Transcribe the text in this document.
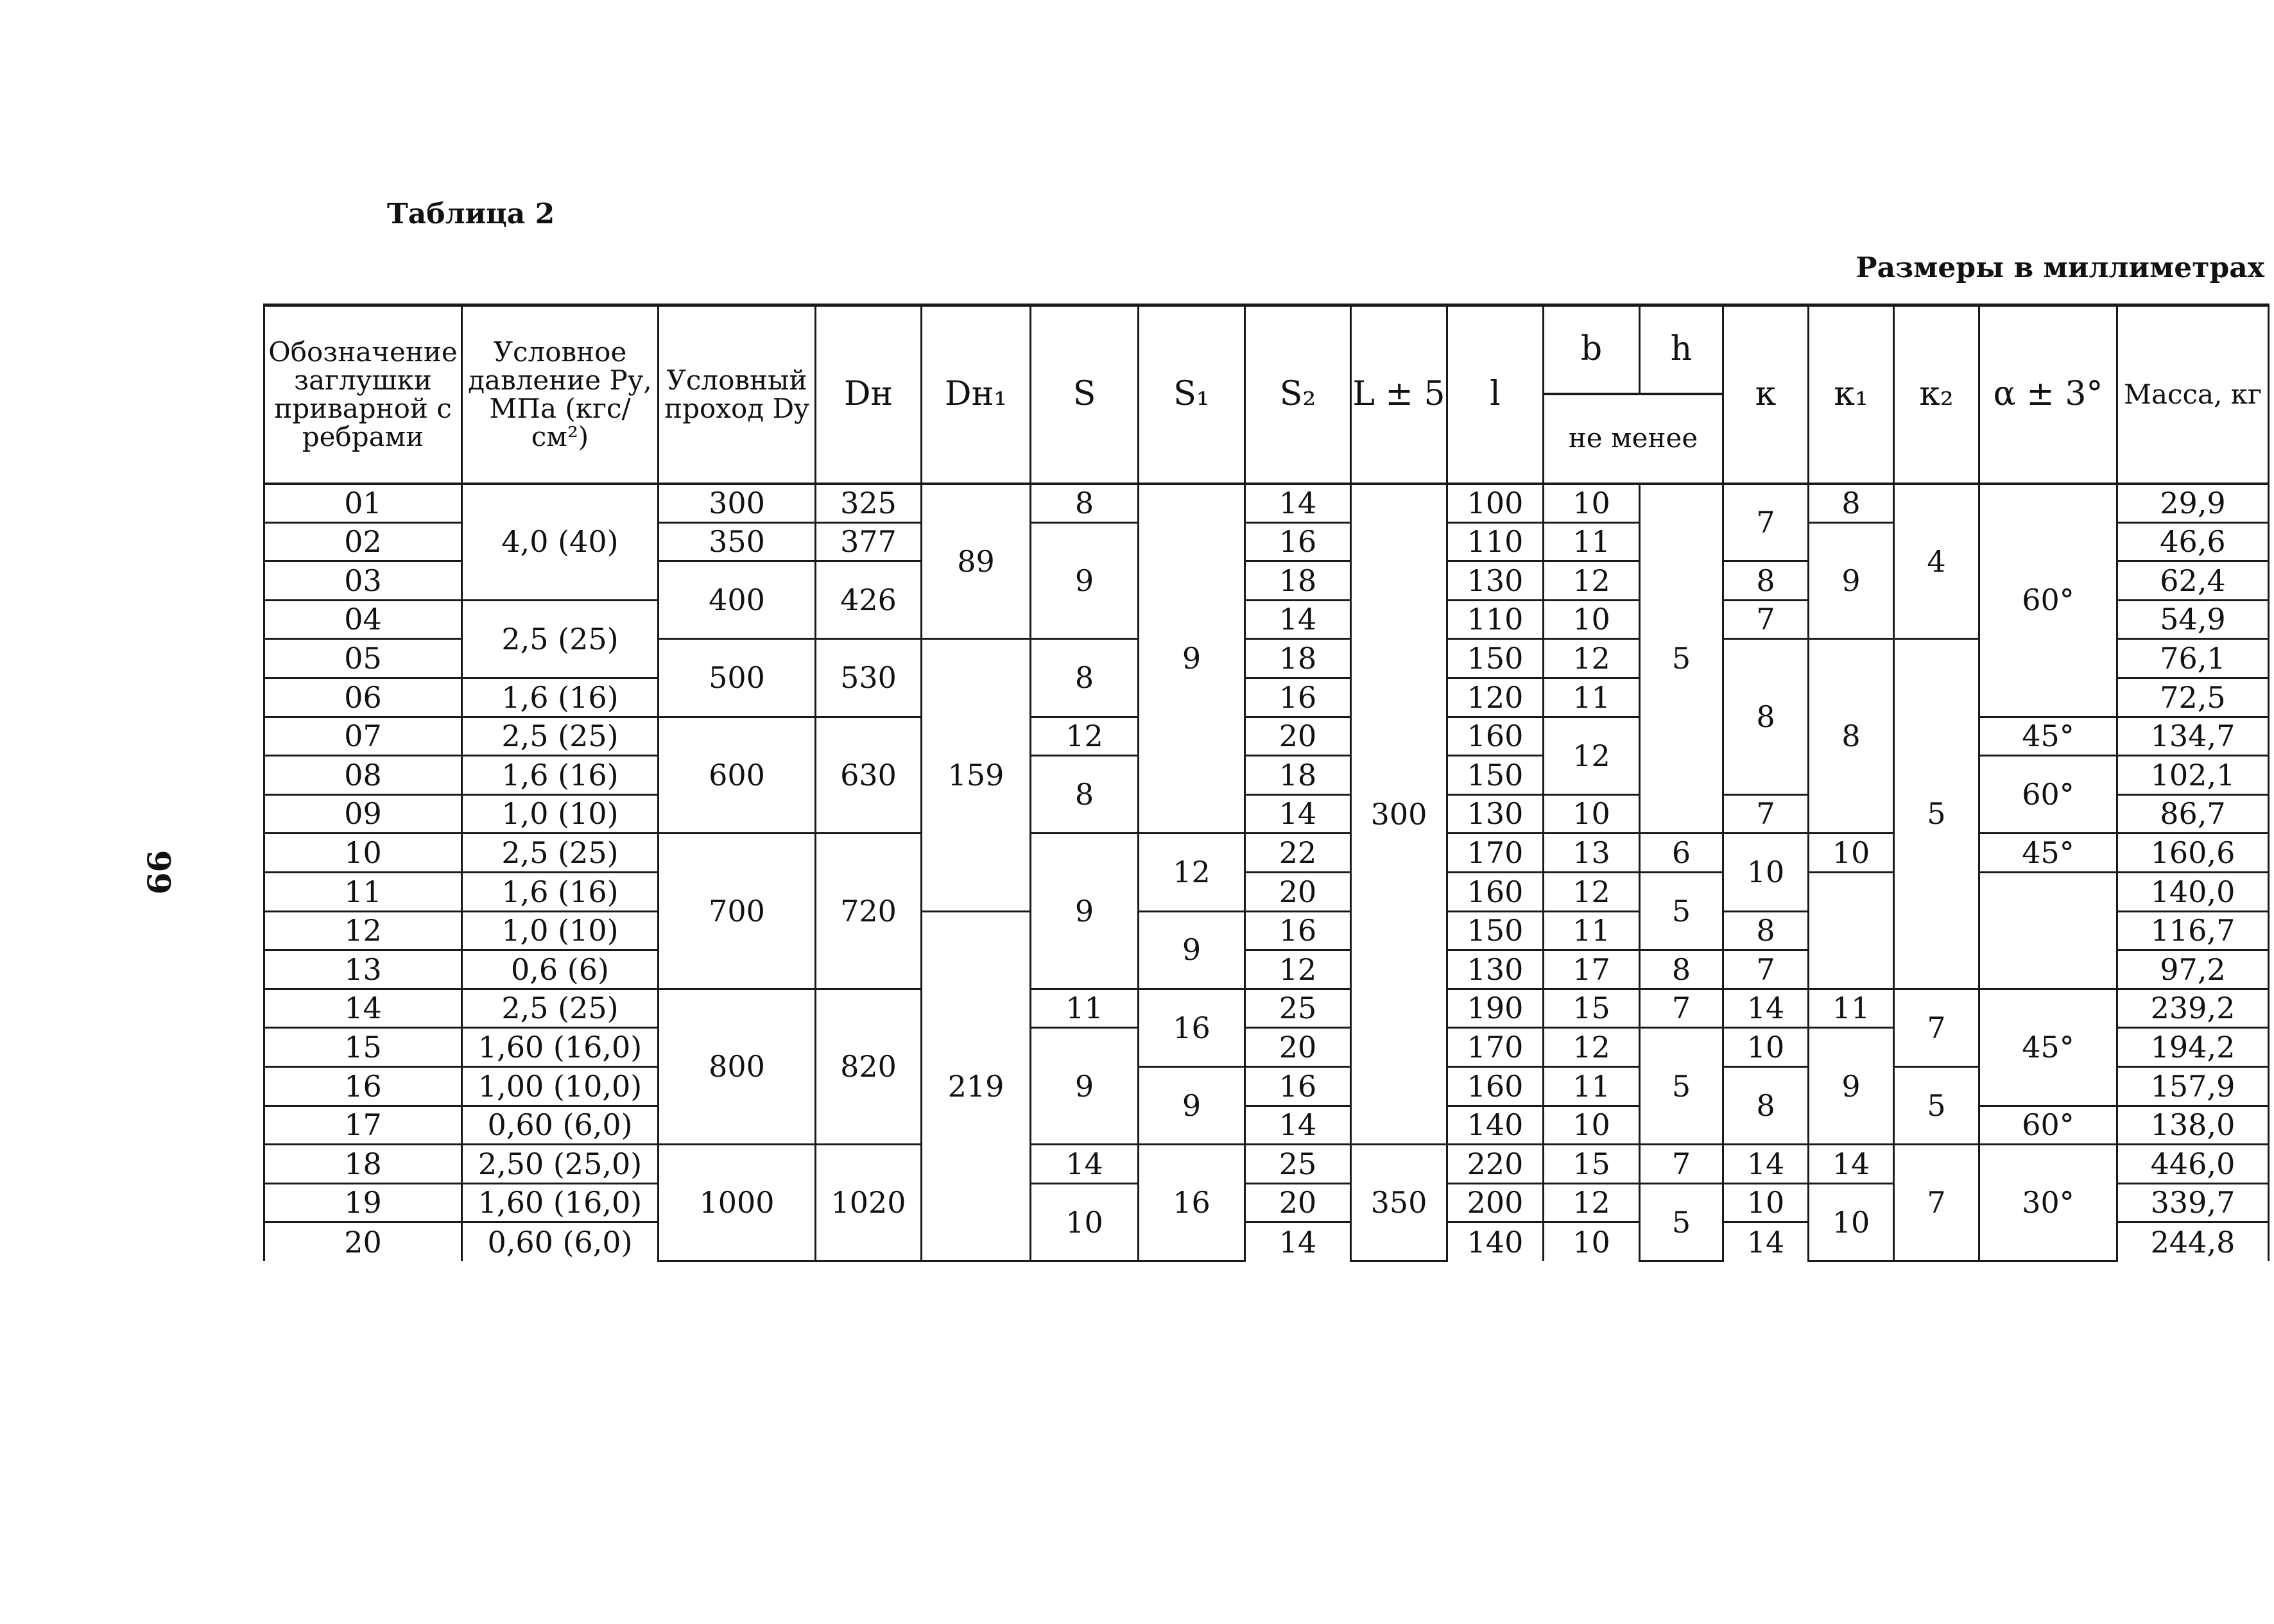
Таблица 2
Размеры в миллиметрах
99
Обозначение заглушки приварной с ребрами	Условное давление Ру, МПа (кгс/см²)	Условный проход Dy	Dн	Dн₁	S	S₁	S₂	L ± 5	l	b	h	к	к₁	к₂	α ± 3°	Масса, кг
										не менее						
01	4,0 (40)	300	325	89	8	9	14	300	100	10	5	7	8	4	60°	29,9
02		350	377		9		16		110	11			9			46,6
03		400	426				18		130	12		8				62,4
04	2,5 (25)						14		110	10		7				54,9
05		500	530	159	8		18		150	12		8	8	5		76,1
06	1,6 (16)						16		120	11						72,5
07	2,5 (25)	600	630		12		20		160	12					45°	134,7
08	1,6 (16)				8		18		150						60°	102,1
09	1,0 (10)						14		130	10		7				86,7
10	2,5 (25)	700	720		9	12	22		170	13	6	10	10		45°	160,6
11	1,6 (16)						20		160	12	5					140,0
12	1,0 (10)			219		9	16		150	11		8				116,7
13	0,6 (6)						12		130	17	8	7				97,2
14	2,5 (25)	800	820		11	16	25		190	15	7	14	11	7	45°	239,2
15	1,60 (16,0)				9		20		170	12	5	10	9			194,2
16	1,00 (10,0)					9	16		160	11		8		5		157,9
17	0,60 (6,0)						14		140	10					60°	138,0
18	2,50 (25,0)	1000	1020		14	16	25	350	220	15	7	14	14	7	30°	446,0
19	1,60 (16,0)				10		20		200	12	5	10	10			339,7
20	0,60 (6,0)						14		140	10		14				244,8
